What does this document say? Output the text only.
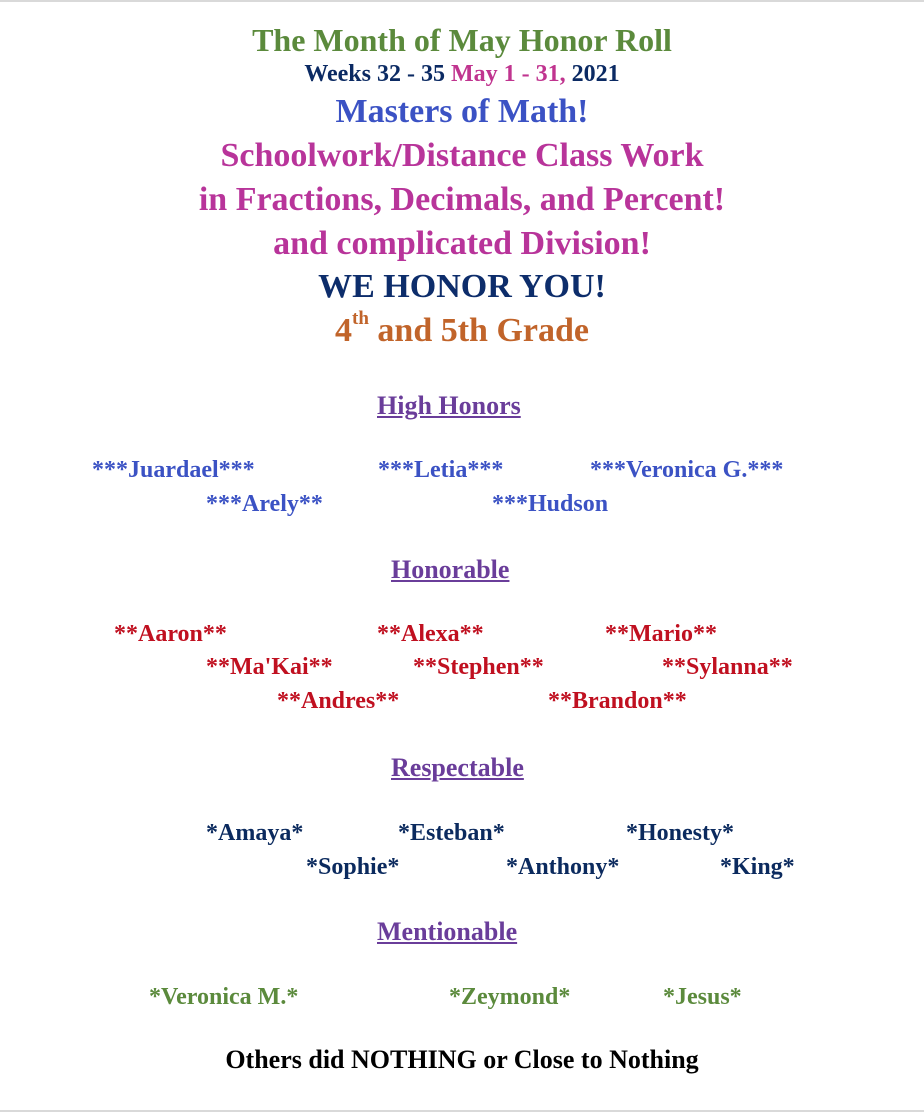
The Month of May Honor Roll
Weeks 32 - 35 May 1 - 31, 2021
Masters of Math!
Schoolwork/Distance Class Work
in Fractions, Decimals, and Percent!
and complicated Division!
WE HONOR YOU!
4th and 5th Grade
High Honors
***Juardael***	***Letia***	***Veronica G.***
***Arely**	***Hudson
Honorable
**Aaron**	**Alexa**	**Mario**
**Ma'Kai**	**Stephen**	**Sylanna**
**Andres**	**Brandon**
Respectable
*Amaya*	*Esteban*	*Honesty*
*Sophie*	*Anthony*	*King*
Mentionable
*Veronica M.*	*Zeymond*	*Jesus*
Others did NOTHING or Close to Nothing
